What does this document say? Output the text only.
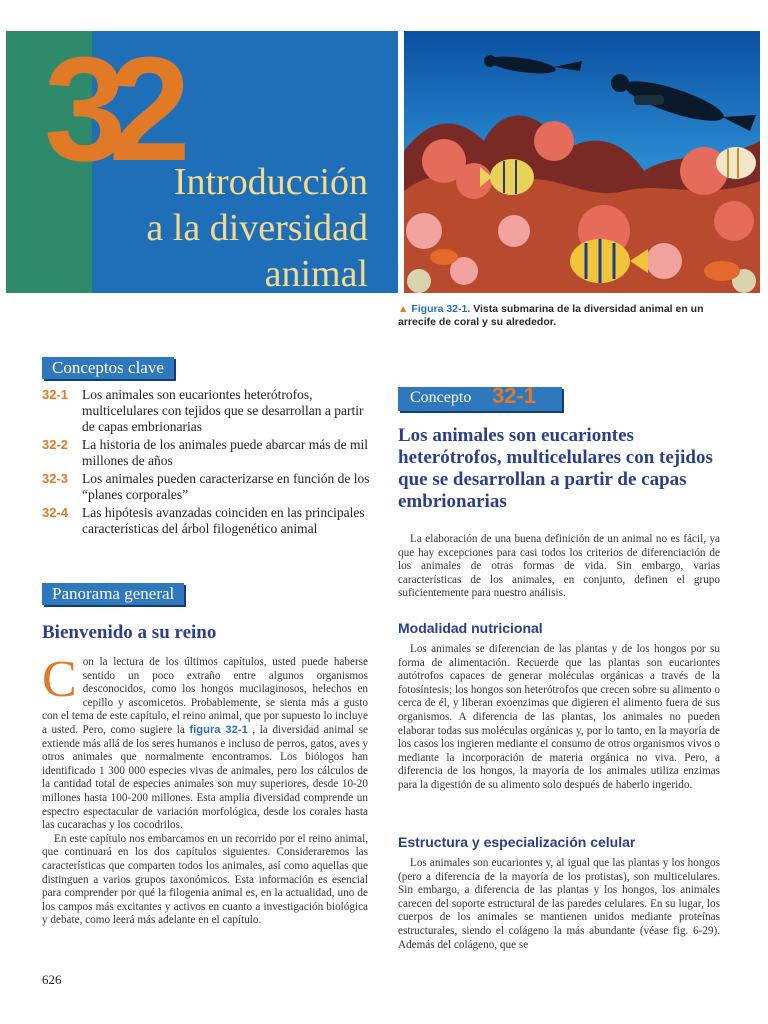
32 Introducción
a la diversidad
animal
▲ Figura 32-1. Vista submarina de la diversidad animal en un arrecife de coral y su alrededor.
Conceptos clave
32-1	Los animales son eucariontes heterótrofos, multicelulares con tejidos que se desarrollan a partir de capas embrionarias
32-2	La historia de los animales puede abarcar más de mil millones de años
32-3	Los animales pueden caracterizarse en función de los “planes corporales”
32-4	Las hipótesis avanzadas coinciden en las principales características del árbol filogenético animal
Panorama general
Bienvenido a su reino

C on la lectura de los últimos capítulos, usted puede haberse sentido un poco extraño entre algunos organismos desconocidos, como los hongos mucilaginosos, helechos en cepillo y ascomicetos. Probablemente, se sienta más a gusto con el tema de este capítulo, el reino animal, que por supuesto lo incluye a usted. Pero, como sugiere la figura 32-1 , la diversidad animal se extiende más allá de los seres humanos e incluso de perros, gatos, aves y otros animales que normalmente encontramos. Los biólogos han identificado 1 300 000 especies vivas de animales, pero los cálculos de la cantidad total de especies animales son muy superiores, desde 10-20 millones hasta 100-200 millones. Esta amplia diversidad comprende un espectro espectacular de variación morfológica, desde los corales hasta las cucarachas y los cocodrilos.

En este capítulo nos embarcamos en un recorrido por el reino animal, que continuará en los dos capítulos siguientes. Consideraremos las características que comparten todos los animales, así como aquellas que distinguen a varios grupos taxonómicos. Esta información es esencial para comprender por qué la filogenia animal es, en la actualidad, uno de los campos más excitantes y activos en cuanto a investigación biológica y debate, como leerá más adelante en el capítulo.

Concepto 32-1
Los animales son eucariontes heterótrofos, multicelulares con tejidos que se desarrollan a partir de capas embrionarias
La elaboración de una buena definición de un animal no es fácil, ya que hay excepciones para casi todos los criterios de diferenciación de los animales de otras formas de vida. Sin embargo, varias características de los animales, en conjunto, definen el grupo suficientemente para nuestro análisis.
Modalidad nutricional
Los animales se diferencian de las plantas y de los hongos por su forma de alimentación. Recuerde que las plantas son eucariontes autótrofos capaces de generar moléculas orgánicas a través de la fotosíntesis; los hongos son heterótrofos que crecen sobre su alimento o cerca de él, y liberan exoenzimas que digieren el alimento fuera de sus organismos. A diferencia de las plantas, los animales no pueden elaborar todas sus moléculas orgánicas y, por lo tanto, en la mayoría de los casos los ingieren mediante el consumo de otros organismos vivos o mediante la incorporación de materia orgánica no viva. Pero, a diferencia de los hongos, la mayoría de los animales utiliza enzimas para la digestión de su alimento solo después de haberlo ingerido.
Estructura y especialización celular
Los animales son eucariontes y, al igual que las plantas y los hongos (pero a diferencia de la mayoría de los protistas), son multicelulares. Sin embargo, a diferencia de las plantas y los hongos, los animales carecen del soporte estructural de las paredes celulares. En su lugar, los cuerpos de los animales se mantienen unidos mediante proteínas estructurales, siendo el colágeno la más abundante (véase fig. 6-29). Además del colágeno, que se
626
